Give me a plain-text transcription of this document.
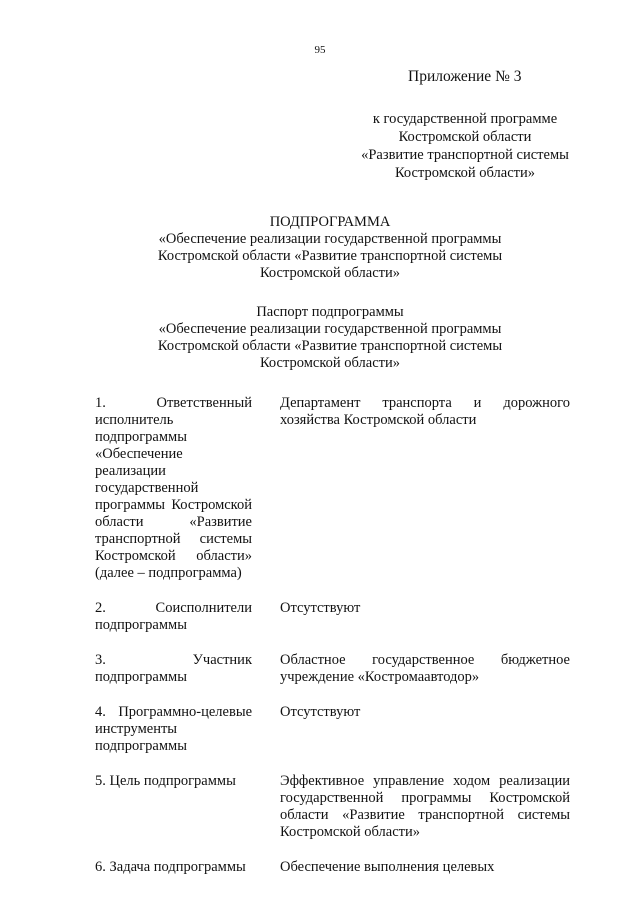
95
Приложение № 3
к государственной программе
Костромской области
«Развитие транспортной системы
Костромской области»
ПОДПРОГРАММА
«Обеспечение реализации государственной программы
Костромской области «Развитие транспортной системы
Костромской области»
Паспорт подпрограммы
«Обеспечение реализации государственной программы
Костромской области «Развитие транспортной системы
Костромской области»
1. Ответственный исполнитель подпрограммы «Обеспечение реализации государственной программы Костромской области «Развитие транспортной системы Костромской области» (далее – подпрограмма)	Департамент транспорта и дорожного хозяйства Костромской области
2. Соисполнители подпрограммы	Отсутствуют
3. Участник подпрограммы	Областное государственное бюджетное учреждение «Костромаавтодор»
4. Программно-целевые инструменты подпрограммы	Отсутствуют
5. Цель подпрограммы	Эффективное управление ходом реализации государственной программы Костромской области «Развитие транспортной системы Костромской области»
6. Задача подпрограммы	Обеспечение выполнения целевых
